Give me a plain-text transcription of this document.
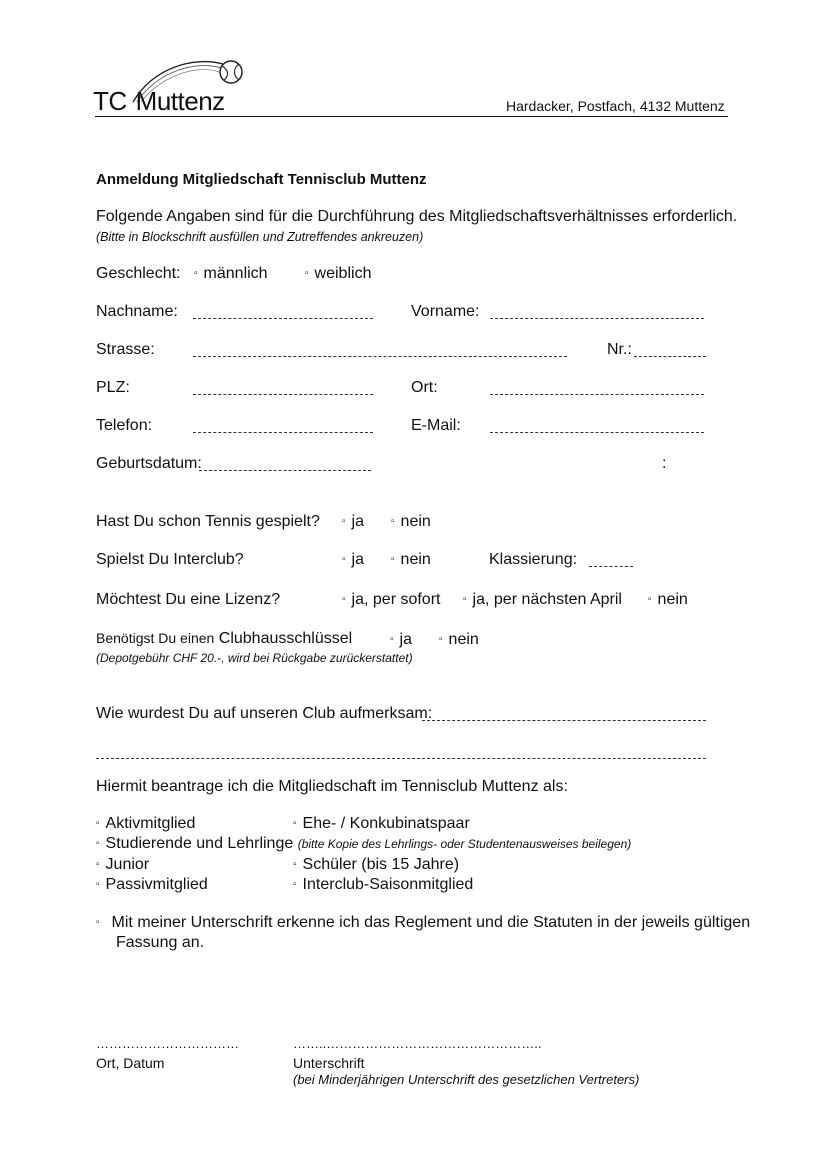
TC Muttenz	Hardacker, Postfach, 4132 Muttenz
Anmeldung Mitgliedschaft Tennisclub Muttenz
Folgende Angaben sind für die Durchführung des Mitgliedschaftsverhältnisses erforderlich.
(Bitte in Blockschrift ausfüllen und Zutreffendes ankreuzen)
Geschlecht: ▫ männlich	▫ weiblich
Nachname:	Vorname:
Strasse:	Nr.:
PLZ:	Ort:
Telefon:	E-Mail:
Geburtsdatum:	:
Hast Du schon Tennis gespielt? ▫ ja	▫ nein
Spielst Du Interclub?	▫ ja	▫ nein	Klassierung:
Möchtest Du eine Lizenz?	▫ ja, per sofort ▫ ja, per nächsten April	▫ nein
Benötigst Du einen Clubhausschlüssel	▫ ja	▫ nein
(Depotgebühr CHF 20.-, wird bei Rückgabe zurückerstattet)
Wie wurdest Du auf unseren Club aufmerksam:
Hiermit beantrage ich die Mitgliedschaft im Tennisclub Muttenz als:
▫ Aktivmitglied	▫ Ehe- / Konkubinatspaar
▫ Studierende und Lehrlinge (bitte Kopie des Lehrlings- oder Studentenausweises beilegen)
▫ Junior	▫ Schüler (bis 15 Jahre)
▫ Passivmitglied	▫ Interclub-Saisonmitglied
▫ Mit meiner Unterschrift erkenne ich das Reglement und die Statuten in der jeweils gültigen
Fassung an.
……………………………	……..…………………………………………..
Ort, Datum	Unterschrift
(bei Minderjährigen Unterschrift des gesetzlichen Vertreters)
